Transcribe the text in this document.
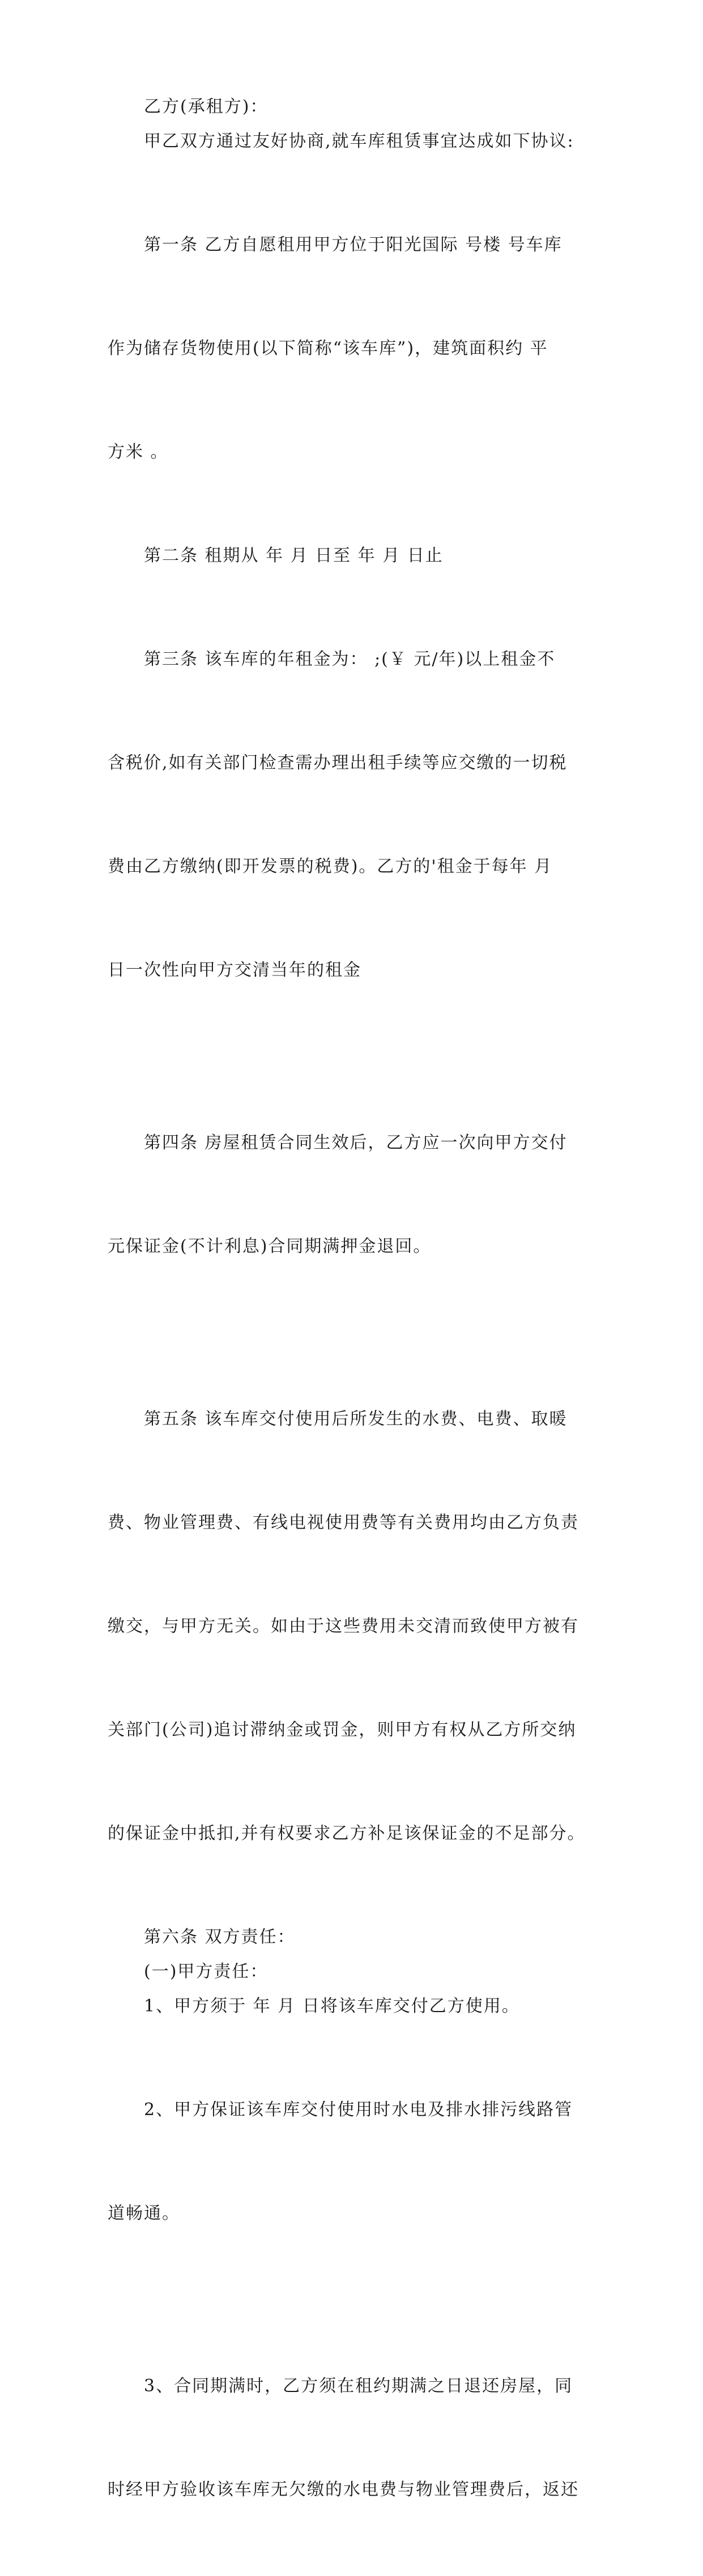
乙方(承租方)：

甲乙双方通过友好协商,就车库租赁事宜达成如下协议:

第一条 乙方自愿租用甲方位于阳光国际 号楼 号车库

作为储存货物使用(以下简称“该车库”)，建筑面积约 平

方米 。

第二条 租期从 年 月 日至 年 月 日止

第三条 该车库的年租金为： ;(￥ 元/年)以上租金不

含税价,如有关部门检查需办理出租手续等应交缴的一切税

费由乙方缴纳(即开发票的税费)。乙方的'租金于每年 月

日一次性向甲方交清当年的租金

第四条 房屋租赁合同生效后，乙方应一次向甲方交付

元保证金(不计利息)合同期满押金退回。

第五条 该车库交付使用后所发生的水费、电费、取暖

费、物业管理费、有线电视使用费等有关费用均由乙方负责

缴交，与甲方无关。如由于这些费用未交清而致使甲方被有

关部门(公司)追讨滞纳金或罚金，则甲方有权从乙方所交纳

的保证金中抵扣,并有权要求乙方补足该保证金的不足部分。

第六条 双方责任：

(一)甲方责任：

1、甲方须于 年 月 日将该车库交付乙方使用。

2、甲方保证该车库交付使用时水电及排水排污线路管

道畅通。

3、合同期满时，乙方须在租约期满之日退还房屋，同

时经甲方验收该车库无欠缴的水电费与物业管理费后，返还
